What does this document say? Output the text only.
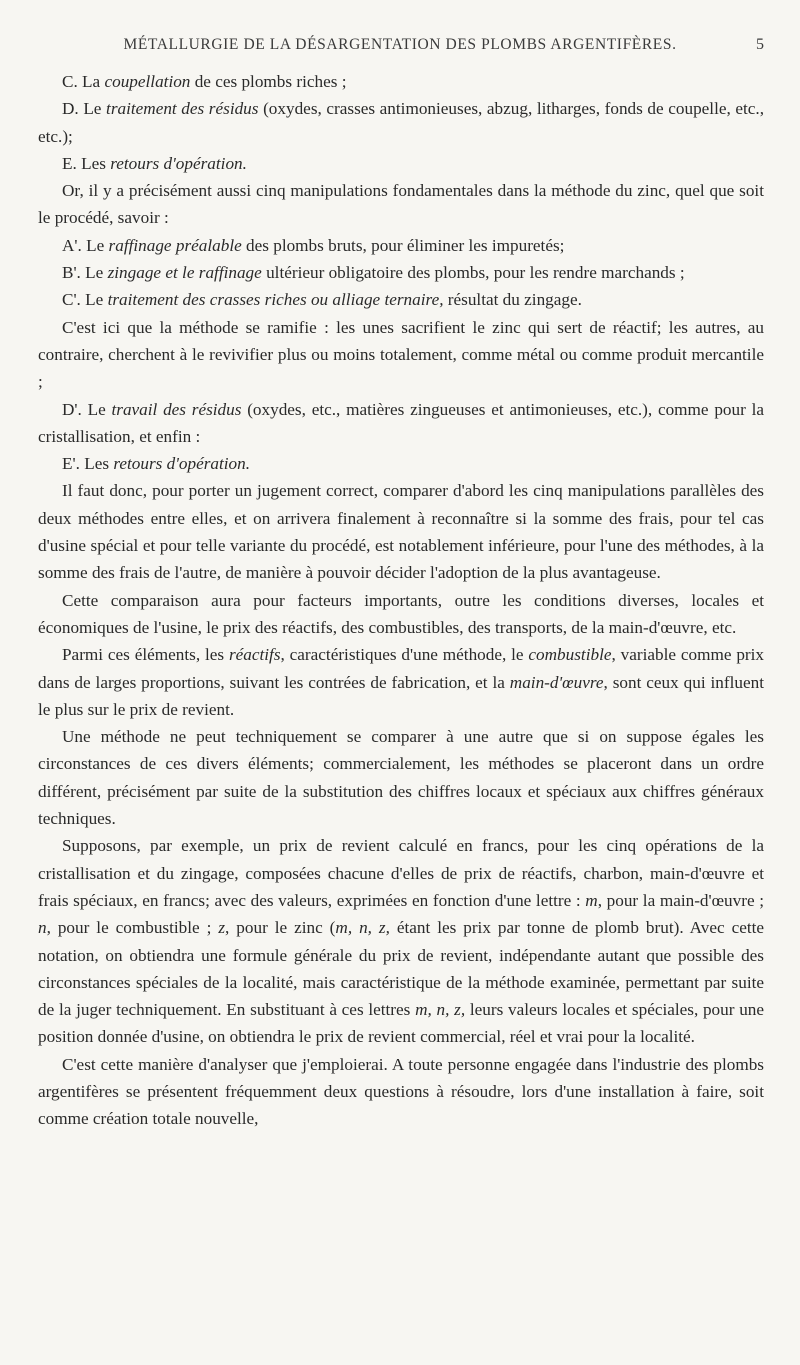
MÉTALLURGIE DE LA DÉSARGENTATION DES PLOMBS ARGENTIFÈRES.	5

C. La coupellation de ces plombs riches ;

D. Le traitement des résidus (oxydes, crasses antimonieuses, abzug, litharges, fonds de coupelle, etc., etc.);

E. Les retours d'opération.

Or, il y a précisément aussi cinq manipulations fondamentales dans la méthode du zinc, quel que soit le procédé, savoir :

A'. Le raffinage préalable des plombs bruts, pour éliminer les impuretés;

B'. Le zingage et le raffinage ultérieur obligatoire des plombs, pour les rendre marchands ;

C'. Le traitement des crasses riches ou alliage ternaire, résultat du zingage.

C'est ici que la méthode se ramifie : les unes sacrifient le zinc qui sert de réactif; les autres, au contraire, cherchent à le revivifier plus ou moins totalement, comme métal ou comme produit mercantile ;

D'. Le travail des résidus (oxydes, etc., matières zingueuses et antimonieuses, etc.), comme pour la cristallisation, et enfin :

E'. Les retours d'opération.

Il faut donc, pour porter un jugement correct, comparer d'abord les cinq manipulations parallèles des deux méthodes entre elles, et on arrivera finalement à reconnaître si la somme des frais, pour tel cas d'usine spécial et pour telle variante du procédé, est notablement inférieure, pour l'une des méthodes, à la somme des frais de l'autre, de manière à pouvoir décider l'adoption de la plus avantageuse.

Cette comparaison aura pour facteurs importants, outre les conditions diverses, locales et économiques de l'usine, le prix des réactifs, des combustibles, des transports, de la main-d'œuvre, etc.

Parmi ces éléments, les réactifs, caractéristiques d'une méthode, le combustible, variable comme prix dans de larges proportions, suivant les contrées de fabrication, et la main-d'œuvre, sont ceux qui influent le plus sur le prix de revient.

Une méthode ne peut techniquement se comparer à une autre que si on suppose égales les circonstances de ces divers éléments; commercialement, les méthodes se placeront dans un ordre différent, précisément par suite de la substitution des chiffres locaux et spéciaux aux chiffres généraux techniques.

Supposons, par exemple, un prix de revient calculé en francs, pour les cinq opérations de la cristallisation et du zingage, composées chacune d'elles de prix de réactifs, charbon, main-d'œuvre et frais spéciaux, en francs; avec des valeurs, exprimées en fonction d'une lettre : m, pour la main-d'œuvre ; n, pour le combustible ; z, pour le zinc (m, n, z, étant les prix par tonne de plomb brut). Avec cette notation, on obtiendra une formule générale du prix de revient, indépendante autant que possible des circonstances spéciales de la localité, mais caractéristique de la méthode examinée, permettant par suite de la juger techniquement. En substituant à ces lettres m, n, z, leurs valeurs locales et spéciales, pour une position donnée d'usine, on obtiendra le prix de revient commercial, réel et vrai pour la localité.

C'est cette manière d'analyser que j'emploierai. A toute personne engagée dans l'industrie des plombs argentifères se présentent fréquemment deux questions à résoudre, lors d'une installation à faire, soit comme création totale nouvelle,
